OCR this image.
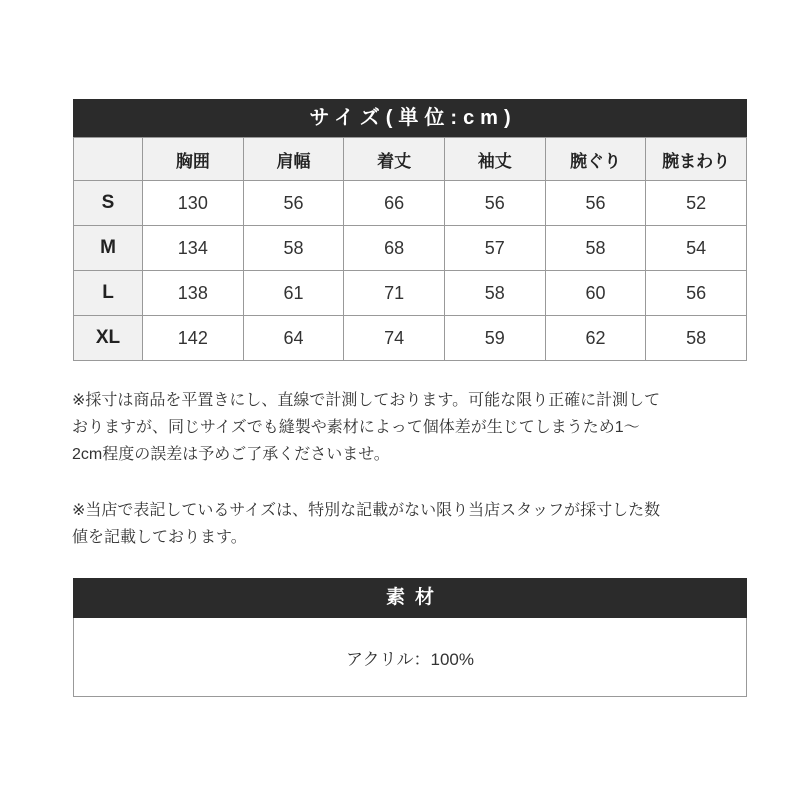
サイズ(単位:cm)
	胸囲	肩幅	着丈	袖丈	腕ぐり	腕まわり
S	130	56	66	56	56	52
M	134	58	68	57	58	54
L	138	61	71	58	60	56
XL	142	64	74	59	62	58
※採寸は商品を平置きにし、直線で計測しております。可能な限り正確に計測して
おりますが、同じサイズでも縫製や素材によって個体差が生じてしまうため1〜
2cm程度の誤差は予めご了承くださいませ。
※当店で表記しているサイズは、特別な記載がない限り当店スタッフが採寸した数
値を記載しております。
素材
アクリル：100%
